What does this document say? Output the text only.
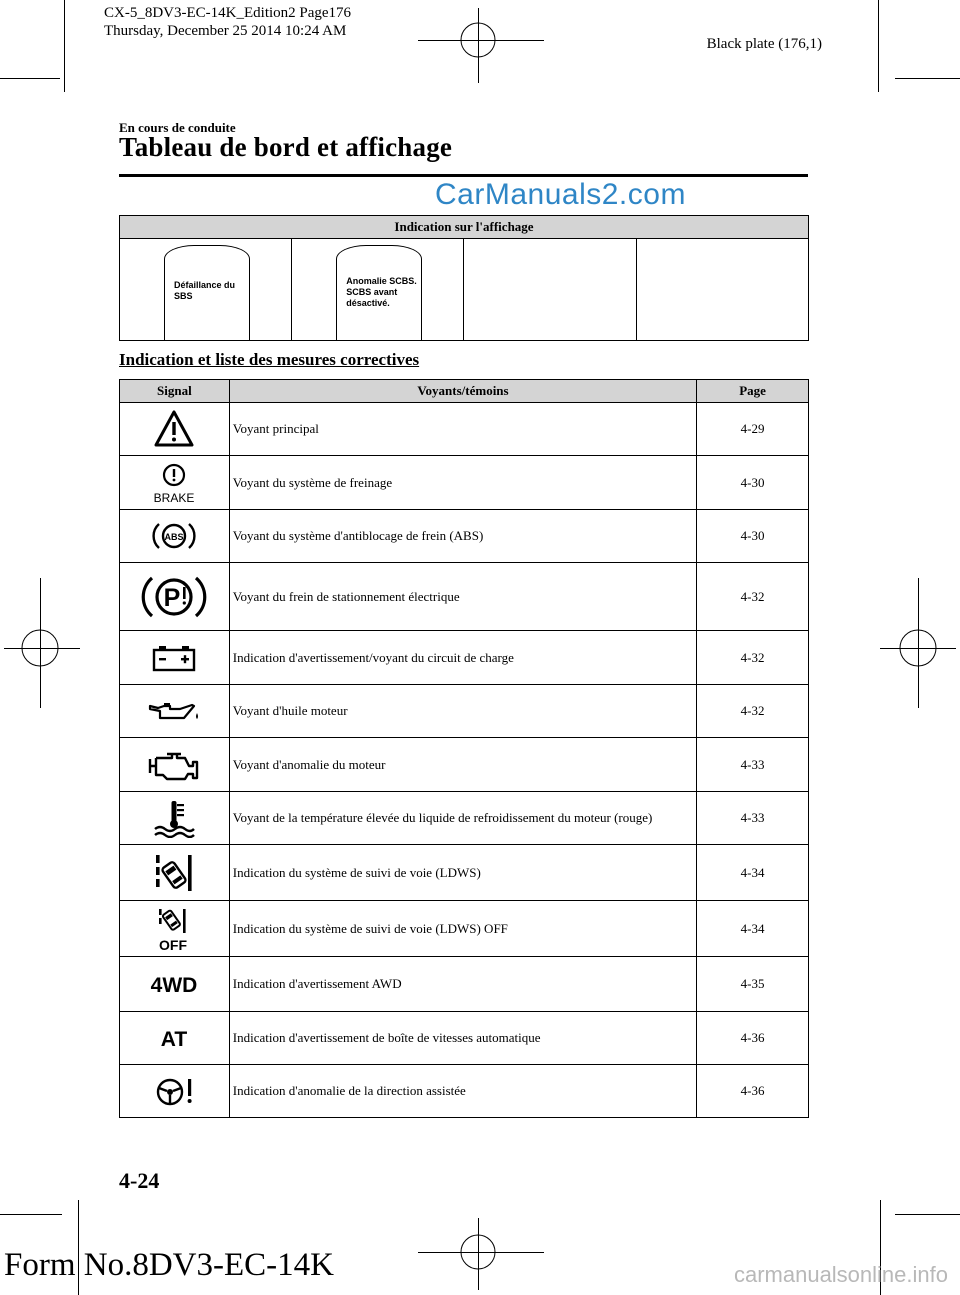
CX-5_8DV3-EC-14K_Edition2 Page176
Thursday, December 25 2014 10:24 AM
Black plate (176,1)
En cours de conduite
Tableau de bord et affichage
CarManuals2.com
Indication sur l'affichage

Défaillance du
SBS

Anomalie SCBS.
SCBS avant
désactivé.

Indication et liste des mesures correctives
Signal	Voyants/témoins	Page

	Voyant principal	4-29

BRAKE	Voyant du système de freinage	4-30

ABS	Voyant du système d'antiblocage de frein (ABS)	4-30

P	Voyant du frein de stationnement électrique	4-32

	Indication d'avertissement/voyant du circuit de charge	4-32

	Voyant d'huile moteur	4-32

	Voyant d'anomalie du moteur	4-33

	Voyant de la température élevée du liquide de refroidissement du moteur (rouge)	4-33

	Indication du système de suivi de voie (LDWS)	4-34

OFF	Indication du système de suivi de voie (LDWS) OFF	4-34

4WD	Indication d'avertissement AWD	4-35

AT	Indication d'avertissement de boîte de vitesses automatique	4-36

	Indication d'anomalie de la direction assistée	4-36
4-24
Form No.8DV3-EC-14K	carmanualsonline.info
